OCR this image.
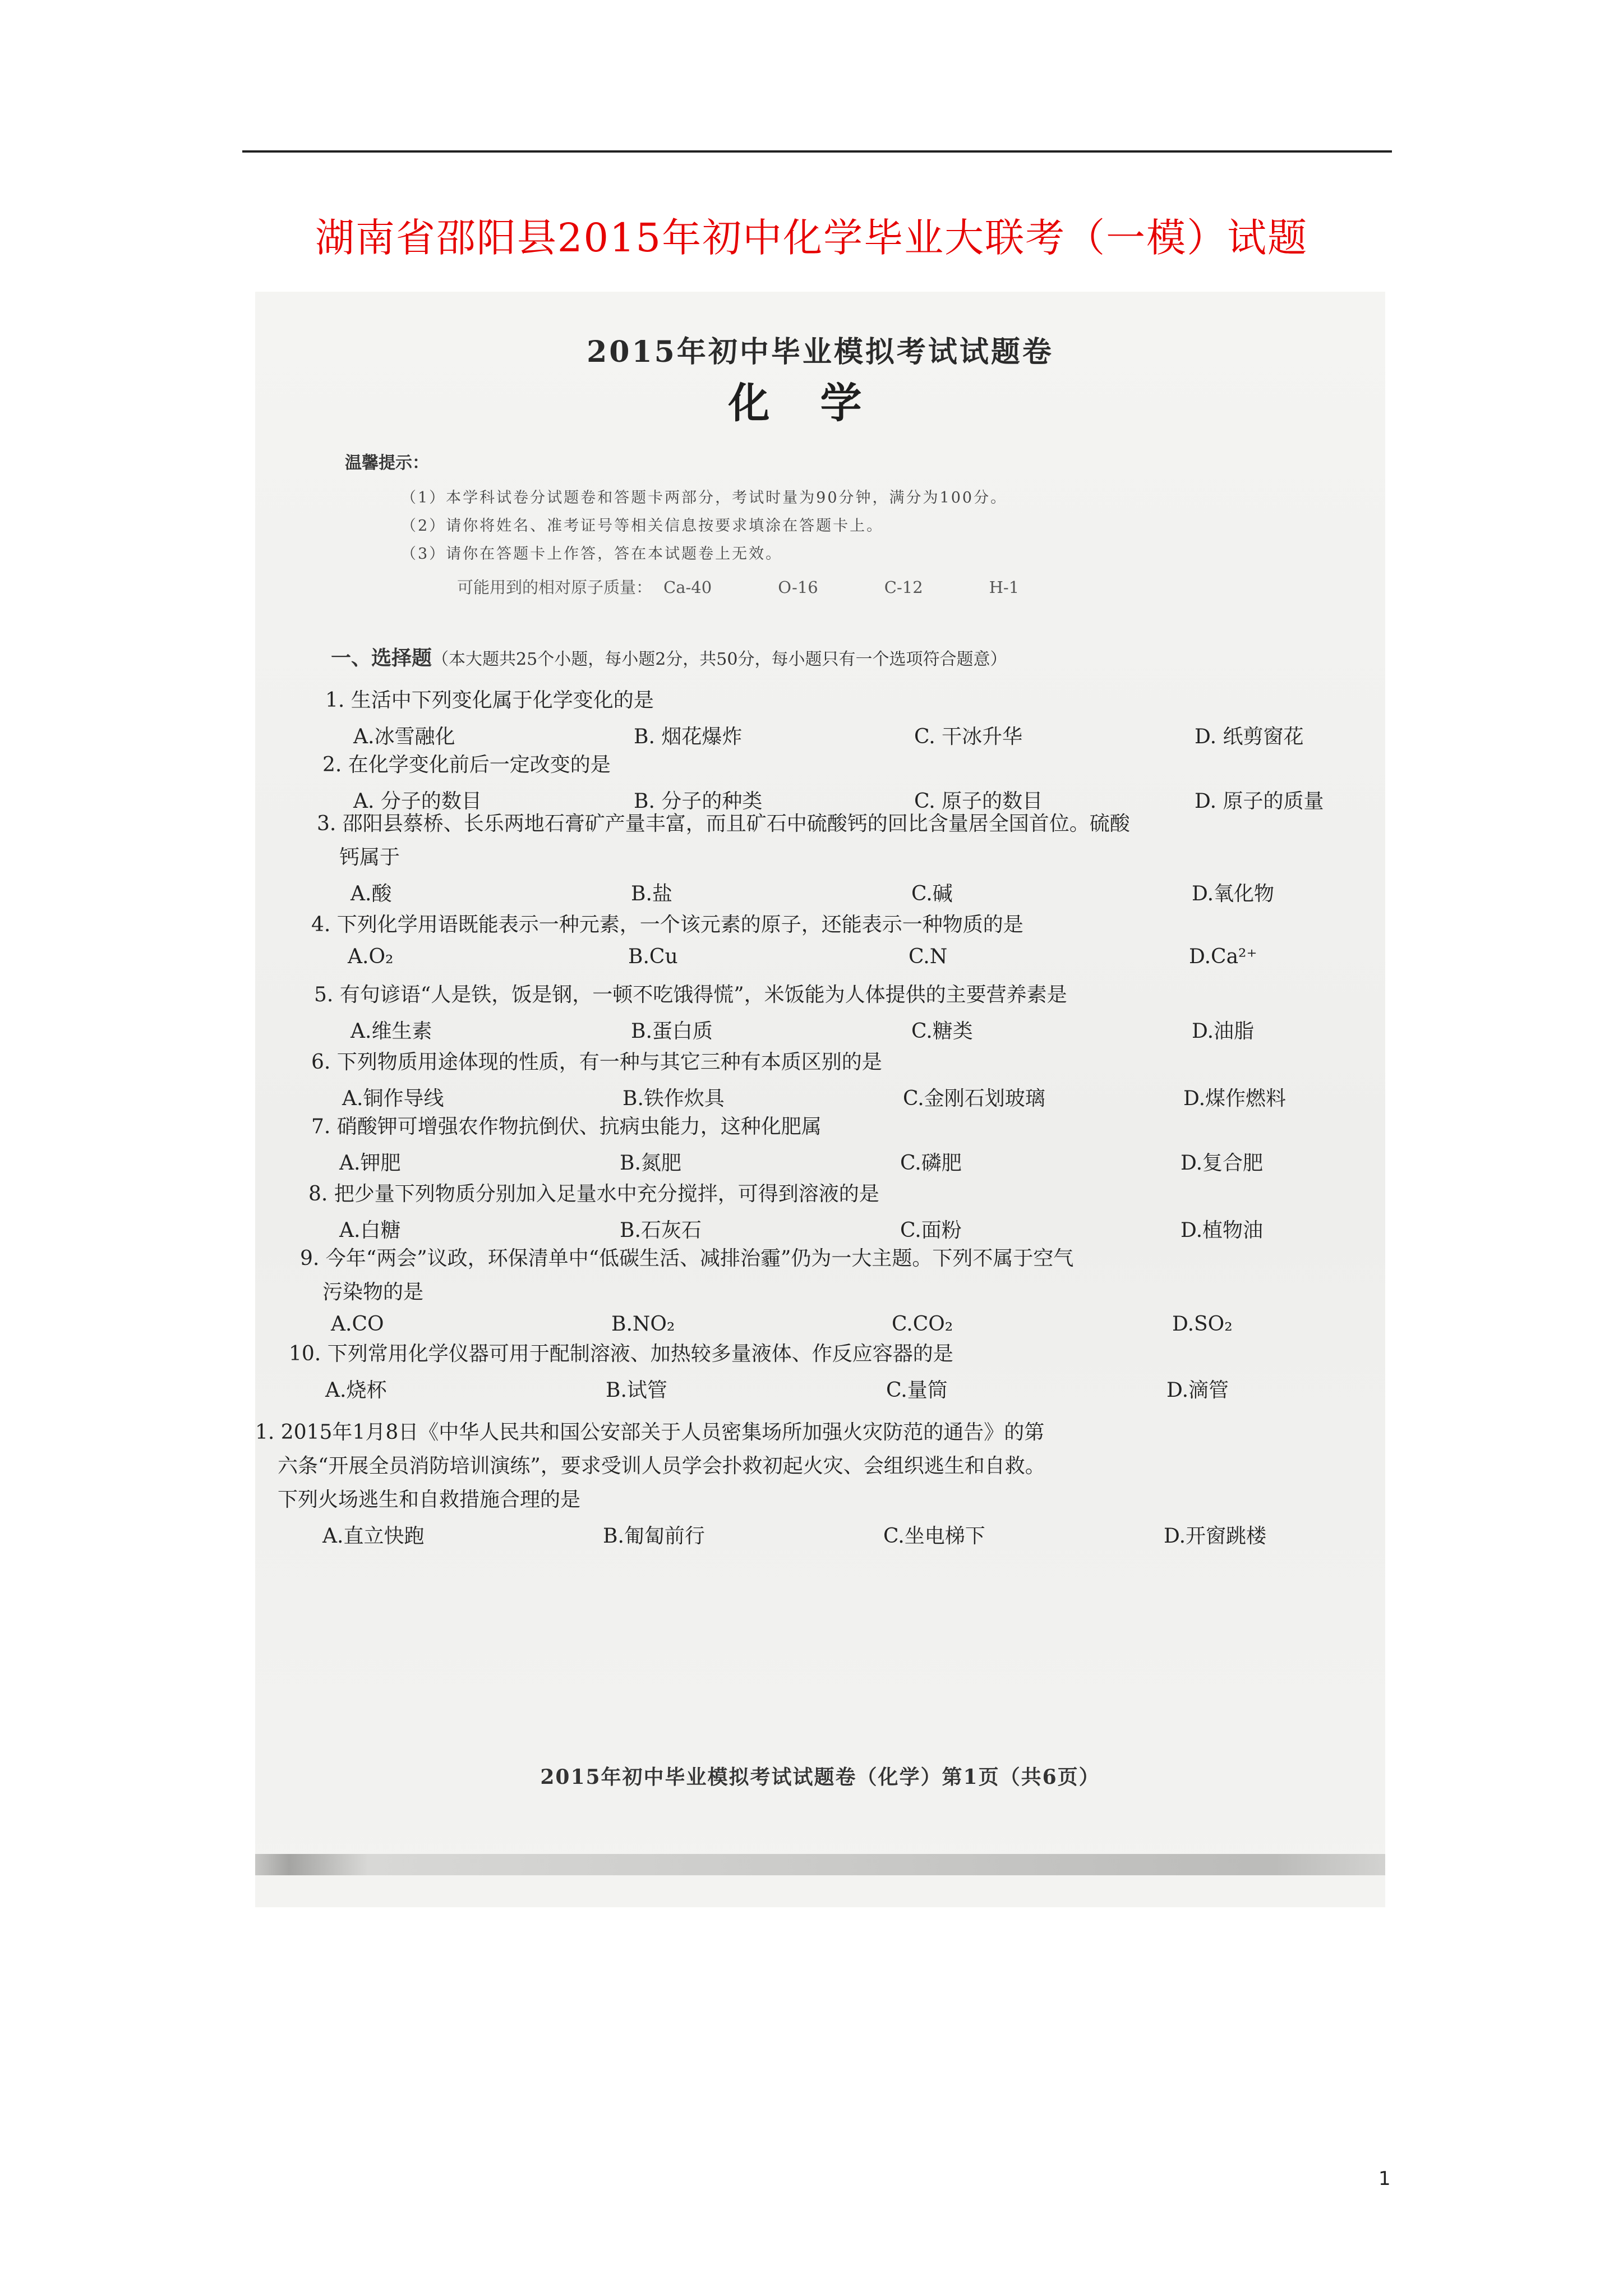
湖南省邵阳县2015年初中化学毕业大联考（一模）试题
2015年初中毕业模拟考试试题卷
化学
温馨提示：
（1）本学科试卷分试题卷和答题卡两部分，考试时量为90分钟，满分为100分。
（2）请你将姓名、准考证号等相关信息按要求填涂在答题卡上。
（3）请你在答题卡上作答，答在本试题卷上无效。
可能用到的相对原子质量： Ca-40	O-16	C-12	H-1
一、选择题（本大题共25个小题，每小题2分，共50分，每小题只有一个选项符合题意）
1. 生活中下列变化属于化学变化的是
A.冰雪融化	B. 烟花爆炸	C. 干冰升华	D. 纸剪窗花
2. 在化学变化前后一定改变的是
A. 分子的数目	B. 分子的种类	C. 原子的数目	D. 原子的质量
3. 邵阳县蔡桥、长乐两地石膏矿产量丰富，而且矿石中硫酸钙的回比含量居全国首位。硫酸
钙属于
A.酸	B.盐	C.碱	D.氧化物
4. 下列化学用语既能表示一种元素，一个该元素的原子，还能表示一种物质的是
A.O₂	B.Cu	C.N	D.Ca²⁺
5. 有句谚语“人是铁，饭是钢，一顿不吃饿得慌”，米饭能为人体提供的主要营养素是
A.维生素	B.蛋白质	C.糖类	D.油脂
6. 下列物质用途体现的性质，有一种与其它三种有本质区别的是
A.铜作导线	B.铁作炊具	C.金刚石划玻璃	D.煤作燃料
7. 硝酸钾可增强农作物抗倒伏、抗病虫能力，这种化肥属
A.钾肥	B.氮肥	C.磷肥	D.复合肥
8. 把少量下列物质分别加入足量水中充分搅拌，可得到溶液的是
A.白糖	B.石灰石	C.面粉	D.植物油
9. 今年“两会”议政，环保清单中“低碳生活、减排治霾”仍为一大主题。下列不属于空气
污染物的是
A.CO	B.NO₂	C.CO₂	D.SO₂
10. 下列常用化学仪器可用于配制溶液、加热较多量液体、作反应容器的是
A.烧杯	B.试管	C.量筒	D.滴管
1. 2015年1月8日《中华人民共和国公安部关于人员密集场所加强火灾防范的通告》的第
六条“开展全员消防培训演练”，要求受训人员学会扑救初起火灾、会组织逃生和自救。
下列火场逃生和自救措施合理的是
A.直立快跑	B.匍匐前行	C.坐电梯下	D.开窗跳楼
2015年初中毕业模拟考试试题卷（化学）第1页（共6页）
1
